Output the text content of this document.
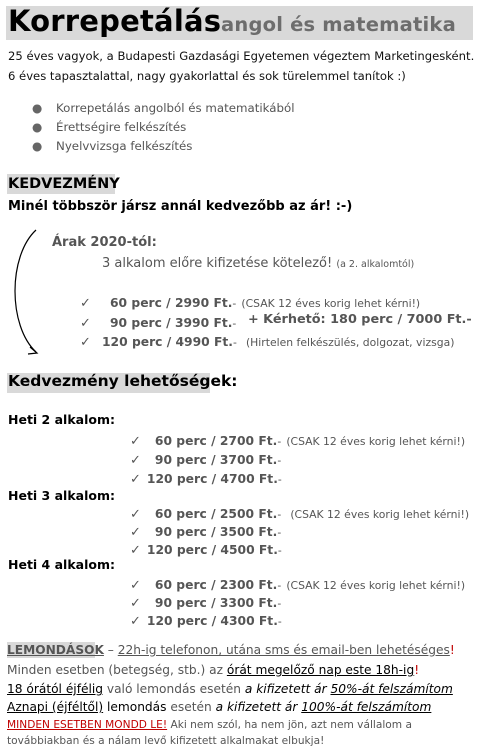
Korrepetálás angol és matematika
25 éves vagyok, a Budapesti Gazdasági Egyetemen végeztem Marketingesként.
6 éves tapasztalattal, nagy gyakorlattal és sok türelemmel tanítok :)
● Korrepetálás angolból és matematikából
● Érettségire felkészítés
● Nyelvvizsga felkészítés
KEDVEZMÉNY
Minél többször jársz annál kedvezőbb az ár! :-)
Árak 2020-tól:
3 alkalom előre kifizetése kötelező! (a 2. alkalomtól)
✓ 60 perc / 2990 Ft.- (CSAK 12 éves korig lehet kérni!)
✓ 90 perc / 3990 Ft.- + Kérhető: 180 perc / 7000 Ft.-
✓ 120 perc / 4990 Ft.- (Hirtelen felkészülés, dolgozat, vizsga)
Kedvezmény lehetőségek:
Heti 2 alkalom:
✓ 60 perc / 2700 Ft.- (CSAK 12 éves korig lehet kérni!)
✓ 90 perc / 3700 Ft.-
✓ 120 perc / 4700 Ft.-
Heti 3 alkalom:
✓ 60 perc / 2500 Ft.- (CSAK 12 éves korig lehet kérni!)
✓ 90 perc / 3500 Ft.-
✓ 120 perc / 4500 Ft.-
Heti 4 alkalom:
✓ 60 perc / 2300 Ft.- (CSAK 12 éves korig lehet kérni!)
✓ 90 perc / 3300 Ft.-
✓ 120 perc / 4300 Ft.-
LEMONDÁSOK – 22h-ig telefonon, utána sms és email-ben lehetéséges!
Minden esetben (betegség, stb.) az órát megelőző nap este 18h-ig!
18 órától éjfélig való lemondás esetén a kifizetett ár 50%-át felszámítom
Aznapi (éjféltől) lemondás esetén a kifizetett ár 100%-át felszámítom
MINDEN ESETBEN MONDD LE! Aki nem szól, ha nem jön, azt nem vállalom a
továbbiakban és a nálam levő kifizetett alkalmakat elbukja!
